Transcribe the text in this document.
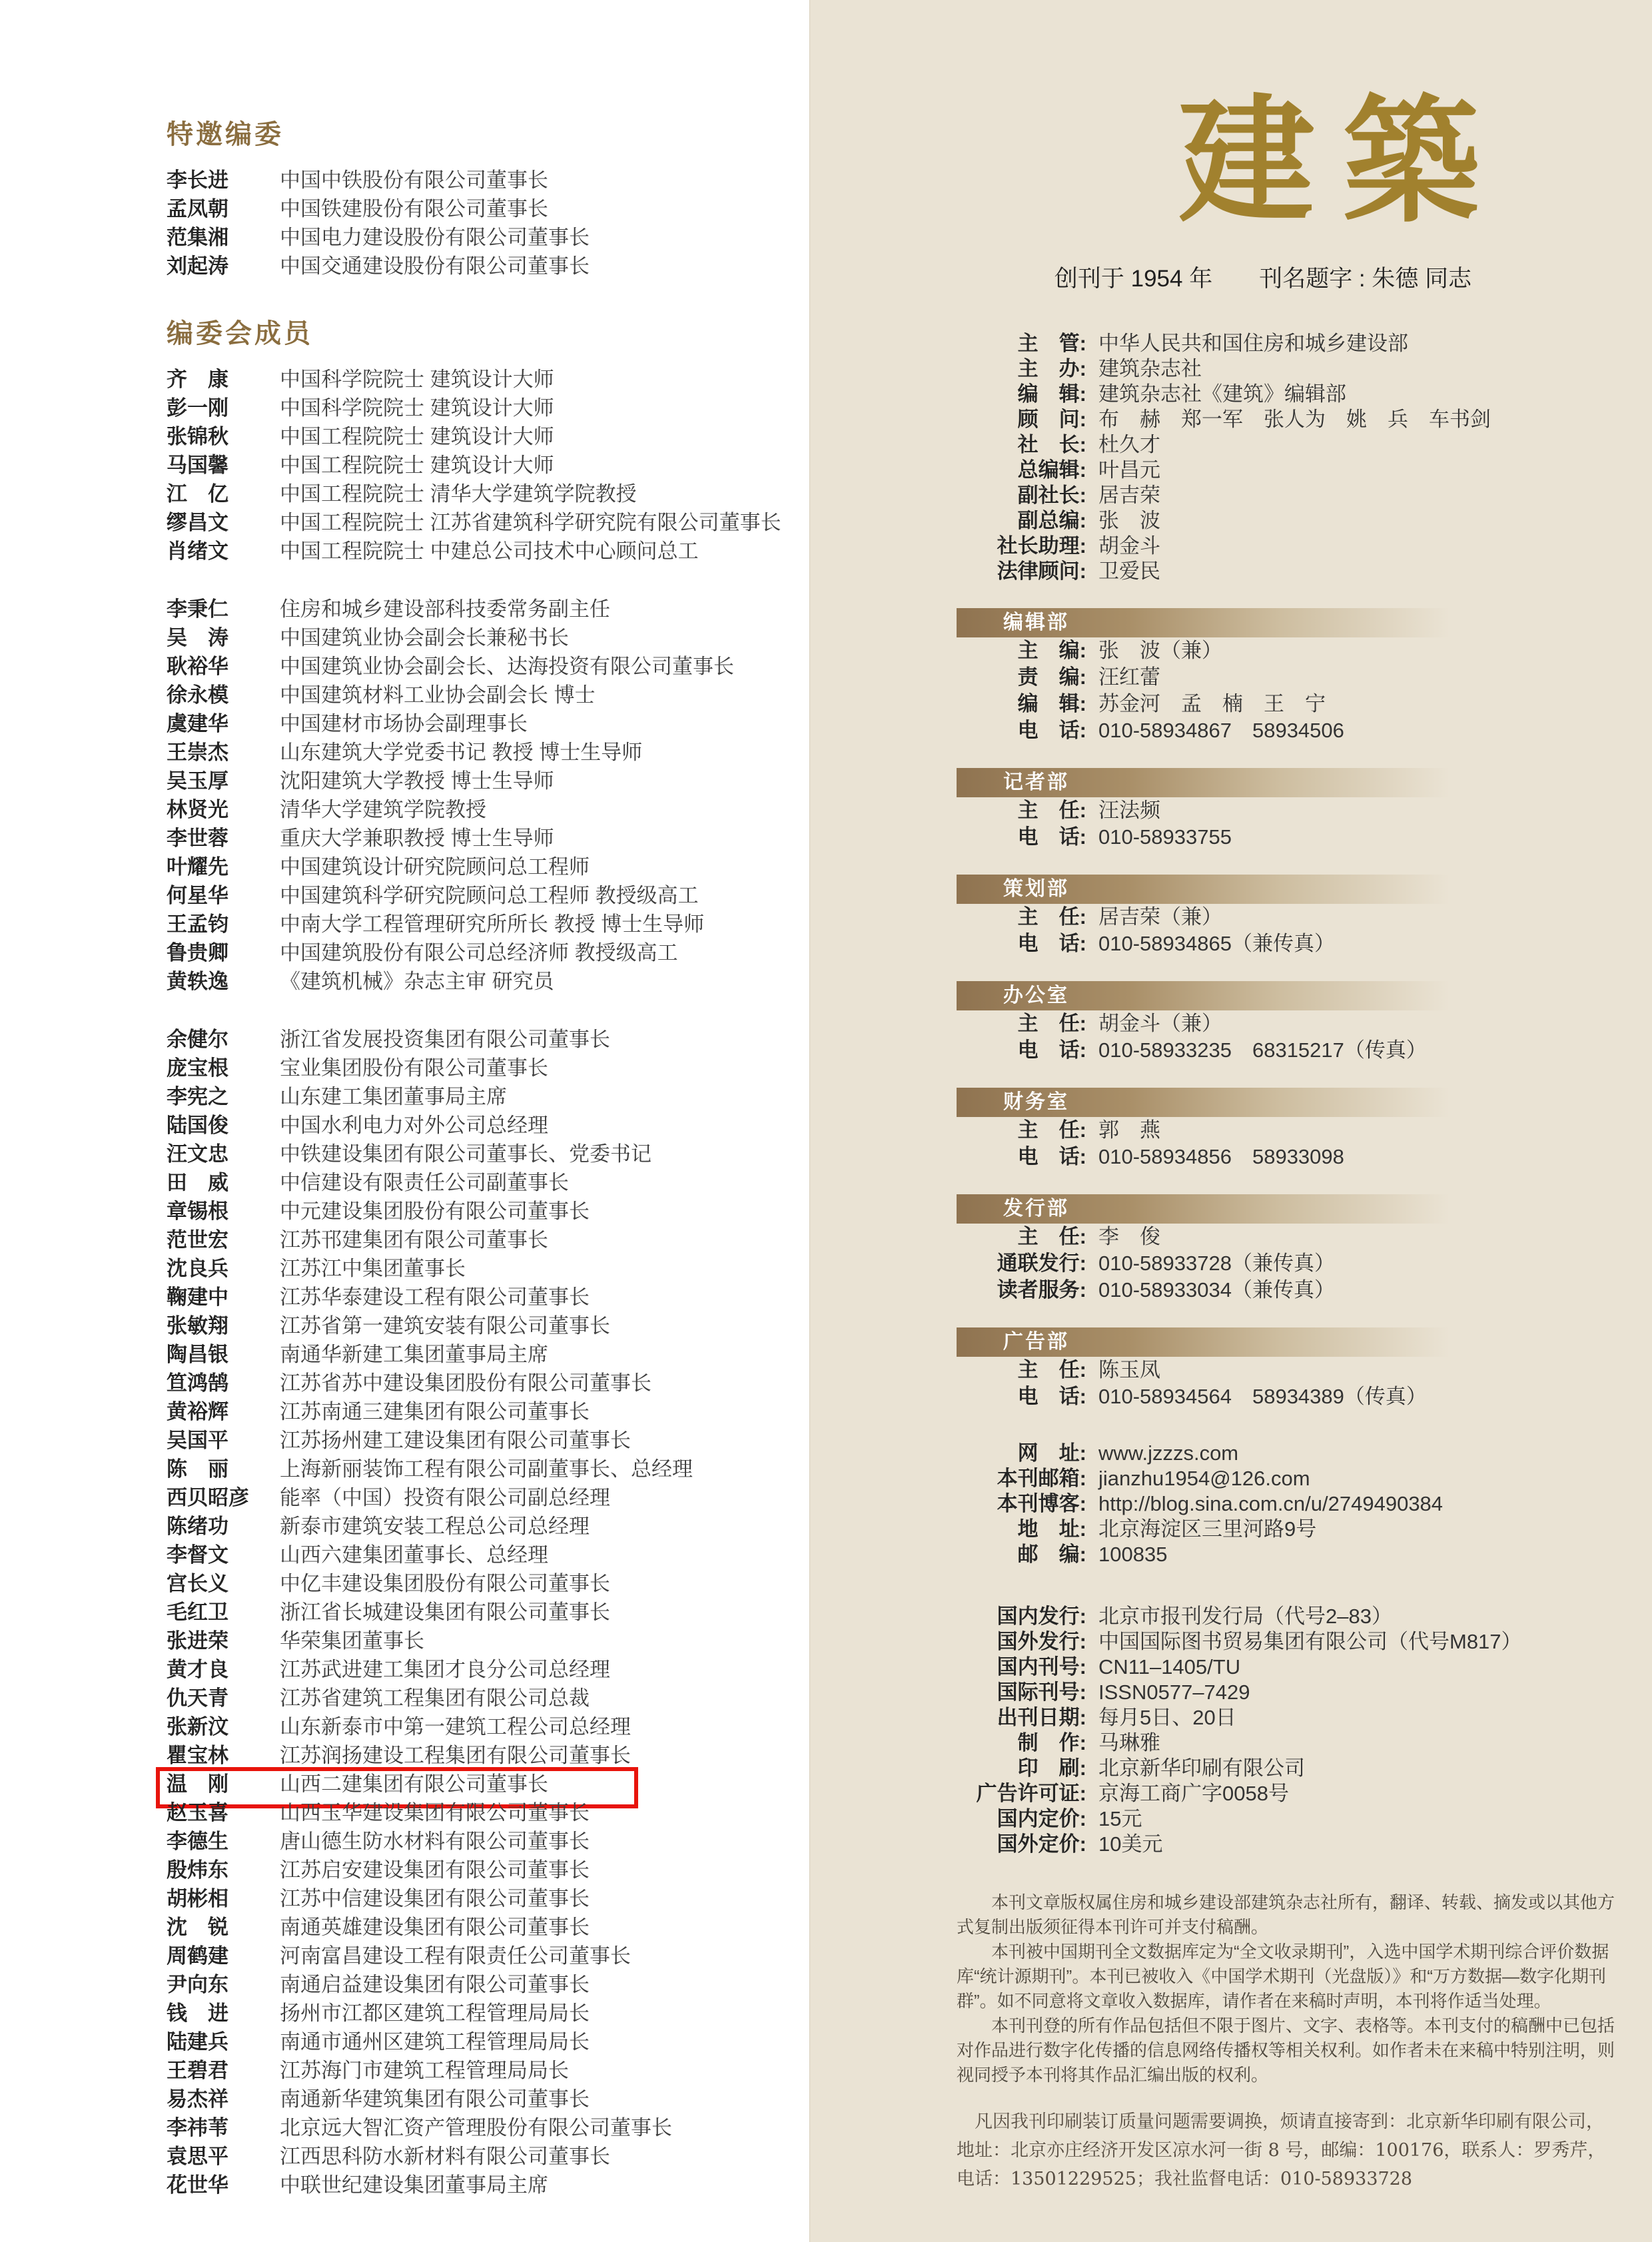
特邀编委
李长进	中国中铁股份有限公司董事长
孟凤朝	中国铁建股份有限公司董事长
范集湘	中国电力建设股份有限公司董事长
刘起涛	中国交通建设股份有限公司董事长
编委会成员
齐　康	中国科学院院士 建筑设计大师
彭一刚	中国科学院院士 建筑设计大师
张锦秋	中国工程院院士 建筑设计大师
马国馨	中国工程院院士 建筑设计大师
江　亿	中国工程院院士 清华大学建筑学院教授
缪昌文	中国工程院院士 江苏省建筑科学研究院有限公司董事长
肖绪文	中国工程院院士 中建总公司技术中心顾问总工
李秉仁	住房和城乡建设部科技委常务副主任
吴　涛	中国建筑业协会副会长兼秘书长
耿裕华	中国建筑业协会副会长、达海投资有限公司董事长
徐永模	中国建筑材料工业协会副会长 博士
虞建华	中国建材市场协会副理事长
王崇杰	山东建筑大学党委书记 教授 博士生导师
吴玉厚	沈阳建筑大学教授 博士生导师
林贤光	清华大学建筑学院教授
李世蓉	重庆大学兼职教授 博士生导师
叶耀先	中国建筑设计研究院顾问总工程师
何星华	中国建筑科学研究院顾问总工程师 教授级高工
王孟钧	中南大学工程管理研究所所长 教授 博士生导师
鲁贵卿	中国建筑股份有限公司总经济师 教授级高工
黄轶逸	《建筑机械》杂志主审 研究员
余健尔	浙江省发展投资集团有限公司董事长
庞宝根	宝业集团股份有限公司董事长
李宪之	山东建工集团董事局主席
陆国俊	中国水利电力对外公司总经理
汪文忠	中铁建设集团有限公司董事长、党委书记
田　威	中信建设有限责任公司副董事长
章锡根	中元建设集团股份有限公司董事长
范世宏	江苏邗建集团有限公司董事长
沈良兵	江苏江中集团董事长
鞠建中	江苏华泰建设工程有限公司董事长
张敏翔	江苏省第一建筑安装有限公司董事长
陶昌银	南通华新建工集团董事局主席
笪鸿鹄	江苏省苏中建设集团股份有限公司董事长
黄裕辉	江苏南通三建集团有限公司董事长
吴国平	江苏扬州建工建设集团有限公司董事长
陈　丽	上海新丽装饰工程有限公司副董事长、总经理
西贝昭彦	能率（中国）投资有限公司副总经理
陈绪功	新泰市建筑安装工程总公司总经理
李督文	山西六建集团董事长、总经理
宫长义	中亿丰建设集团股份有限公司董事长
毛红卫	浙江省长城建设集团有限公司董事长
张进荣	华荣集团董事长
黄才良	江苏武进建工集团才良分公司总经理
仇天青	江苏省建筑工程集团有限公司总裁
张新汶	山东新泰市中第一建筑工程公司总经理
瞿宝林	江苏润扬建设工程集团有限公司董事长
温　刚	山西二建集团有限公司董事长
赵玉喜	山西玉华建设集团有限公司董事长
李德生	唐山德生防水材料有限公司董事长
殷炜东	江苏启安建设集团有限公司董事长
胡彬相	江苏中信建设集团有限公司董事长
沈　锐	南通英雄建设集团有限公司董事长
周鹤建	河南富昌建设工程有限责任公司董事长
尹向东	南通启益建设集团有限公司董事长
钱　进	扬州市江都区建筑工程管理局局长
陆建兵	南通市通州区建筑工程管理局局长
王碧君	江苏海门市建筑工程管理局局长
易杰祥	南通新华建筑集团有限公司董事长
李祎苇	北京远大智汇资产管理股份有限公司董事长
袁思平	江西思科防水新材料有限公司董事长
花世华	中联世纪建设集团董事局主席
建築
创刊于 1954 年　　刊名题字 : 朱德 同志
主　管: 中华人民共和国住房和城乡建设部
主　办: 建筑杂志社
编　辑: 建筑杂志社《建筑》编辑部
顾　问: 布　赫　郑一军　张人为　姚　兵　车书剑
社　长: 杜久才
总编辑: 叶昌元
副社长: 居吉荣
副总编: 张　波
社长助理: 胡金斗
法律顾问: 卫爱民
编辑部
主　编: 张　波（兼）
责　编: 汪红蕾
编　辑: 苏金河　孟　楠　王　宁
电　话: 010-58934867　58934506
记者部
主　任: 汪法频
电　话: 010-58933755
策划部
主　任: 居吉荣（兼）
电　话: 010-58934865（兼传真）
办公室
主　任: 胡金斗（兼）
电　话: 010-58933235　68315217（传真）
财务室
主　任: 郭　燕
电　话: 010-58934856　58933098
发行部
主　任: 李　俊
通联发行: 010-58933728（兼传真）
读者服务: 010-58933034（兼传真）
广告部
主　任: 陈玉凤
电　话: 010-58934564　58934389（传真）
网　址: www.jzzzs.com
本刊邮箱: jianzhu1954@126.com
本刊博客: http://blog.sina.com.cn/u/2749490384
地　址: 北京海淀区三里河路9号
邮　编: 100835
国内发行: 北京市报刊发行局（代号2–83）
国外发行: 中国国际图书贸易集团有限公司（代号M817）
国内刊号: CN11–1405/TU
国际刊号: ISSN0577–7429
出刊日期: 每月5日、20日
制　作: 马琳雅
印　刷: 北京新华印刷有限公司
广告许可证: 京海工商广字0058号
国内定价: 15元
国外定价: 10美元

本刊文章版权属住房和城乡建设部建筑杂志社所有，翻译、转载、摘发或以其他方式复制出版须征得本刊许可并支付稿酬。

本刊被中国期刊全文数据库定为“全文收录期刊”，入选中国学术期刊综合评价数据库“统计源期刊”。本刊已被收入《中国学术期刊（光盘版）》和“万方数据—数字化期刊群”。如不同意将文章收入数据库，请作者在来稿时声明，本刊将作适当处理。

本刊刊登的所有作品包括但不限于图片、文字、表格等。本刊支付的稿酬中已包括对作品进行数字化传播的信息网络传播权等相关权利。如作者未在来稿中特别注明，则视同授予本刊将其作品汇编出版的权利。

凡因我刊印刷装订质量问题需要调换，烦请直接寄到：北京新华印刷有限公司，
地址：北京亦庄经济开发区凉水河一街 8 号，邮编：100176，联系人：罗秀芹，
电话：13501229525；我社监督电话：010-58933728
